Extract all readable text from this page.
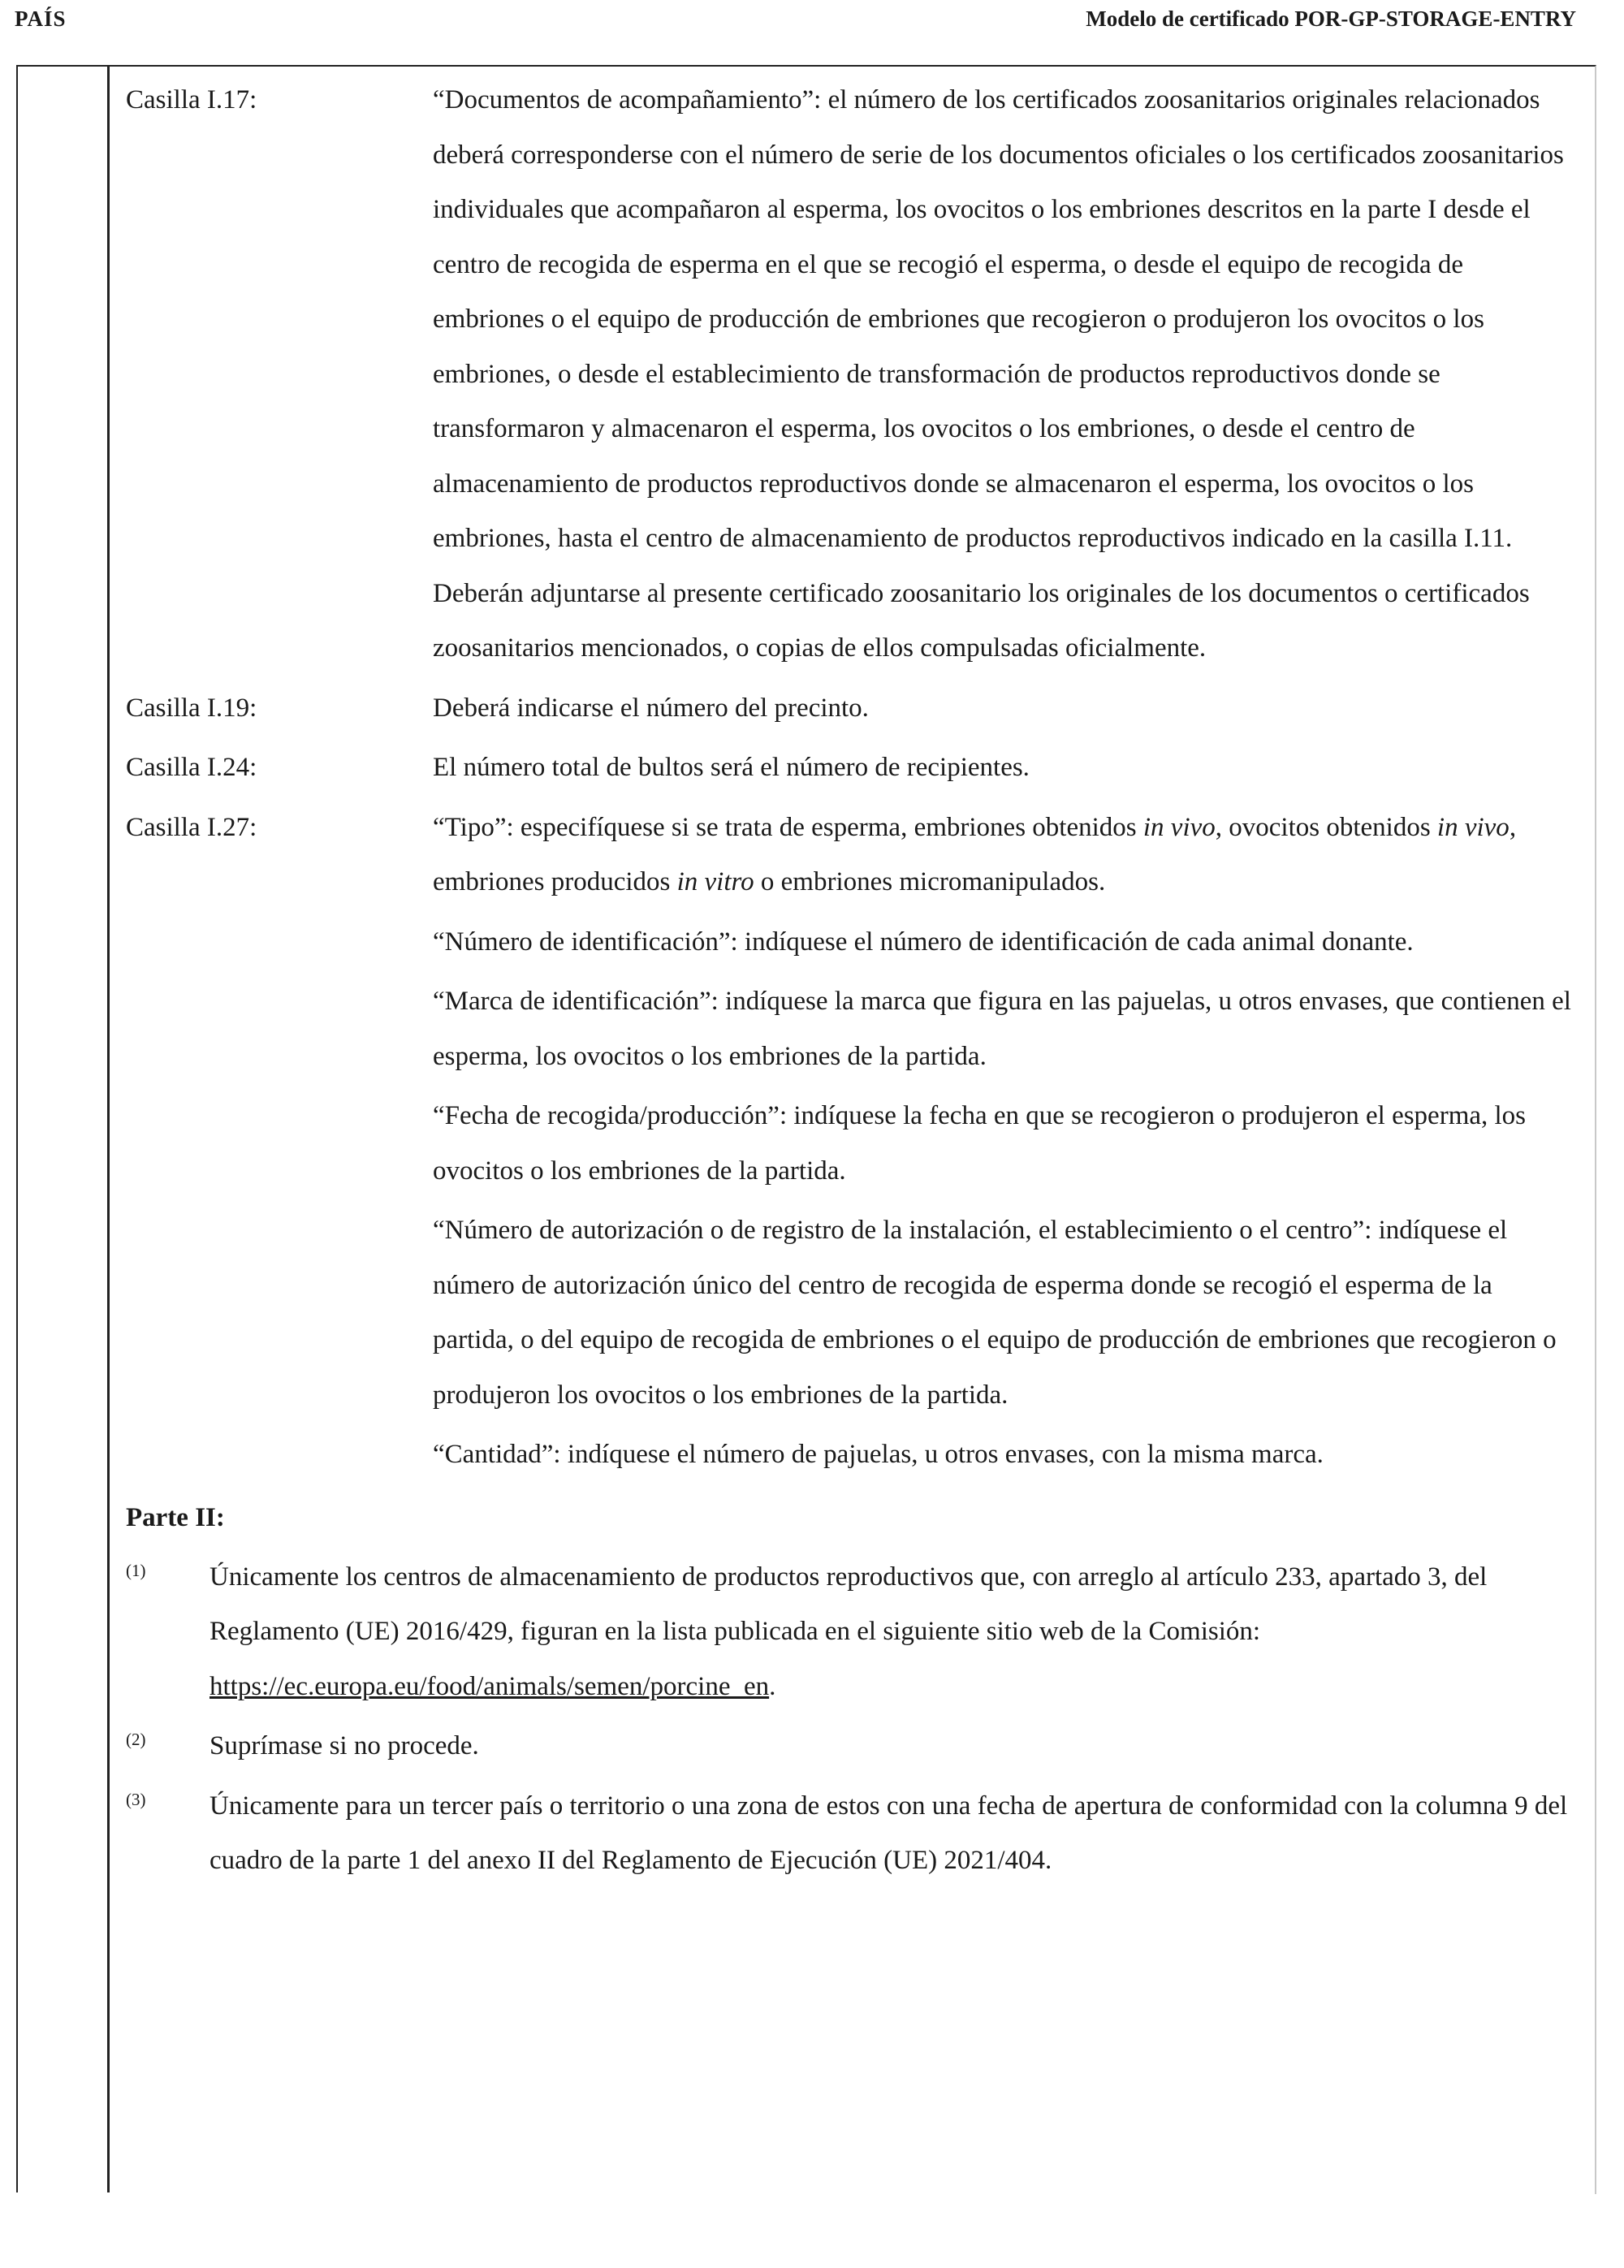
PAÍS	Modelo de certificado POR-GP-STORAGE-ENTRY
Casilla I.17:	“Documentos de acompañamiento”: el número de los certificados zoosanitarios originales relacionados deberá corresponderse con el número de serie de los documentos oficiales o los certificados zoosanitarios individuales que acompañaron al esperma, los ovocitos o los embriones descritos en la parte I desde el centro de recogida de esperma en el que se recogió el esperma, o desde el equipo de recogida de embriones o el equipo de producción de embriones que recogieron o produjeron los ovocitos o los embriones, o desde el establecimiento de transformación de productos reproductivos donde se transformaron y almacenaron el esperma, los ovocitos o los embriones, o desde el centro de almacenamiento de productos reproductivos donde se almacenaron el esperma, los ovocitos o los embriones, hasta el centro de almacenamiento de productos reproductivos indicado en la casilla I.11. Deberán adjuntarse al presente certificado zoosanitario los originales de los documentos o certificados zoosanitarios mencionados, o copias de ellos compulsadas oficialmente.

Casilla I.19:	Deberá indicarse el número del precinto.

Casilla I.24:	El número total de bultos será el número de recipientes.

Casilla I.27:	“Tipo”: especifíquese si se trata de esperma, embriones obtenidos in vivo, ovocitos obtenidos in vivo, embriones producidos in vitro o embriones micromanipulados.

“Número de identificación”: indíquese el número de identificación de cada animal donante.

“Marca de identificación”: indíquese la marca que figura en las pajuelas, u otros envases, que contienen el esperma, los ovocitos o los embriones de la partida.

“Fecha de recogida/producción”: indíquese la fecha en que se recogieron o produjeron el esperma, los ovocitos o los embriones de la partida.

“Número de autorización o de registro de la instalación, el establecimiento o el centro”: indíquese el número de autorización único del centro de recogida de esperma donde se recogió el esperma de la partida, o del equipo de recogida de embriones o el equipo de producción de embriones que recogieron o produjeron los ovocitos o los embriones de la partida.

“Cantidad”: indíquese el número de pajuelas, u otros envases, con la misma marca.

Parte II:
(1) Únicamente los centros de almacenamiento de productos reproductivos que, con arreglo al artículo 233, apartado 3, del Reglamento (UE) 2016/429, figuran en la lista publicada en el siguiente sitio web de la Comisión: https://ec.europa.eu/food/animals/semen/porcine_en.
(2) Suprímase si no procede.
(3) Únicamente para un tercer país o territorio o una zona de estos con una fecha de apertura de conformidad con la columna 9 del cuadro de la parte 1 del anexo II del Reglamento de Ejecución (UE) 2021/404.
